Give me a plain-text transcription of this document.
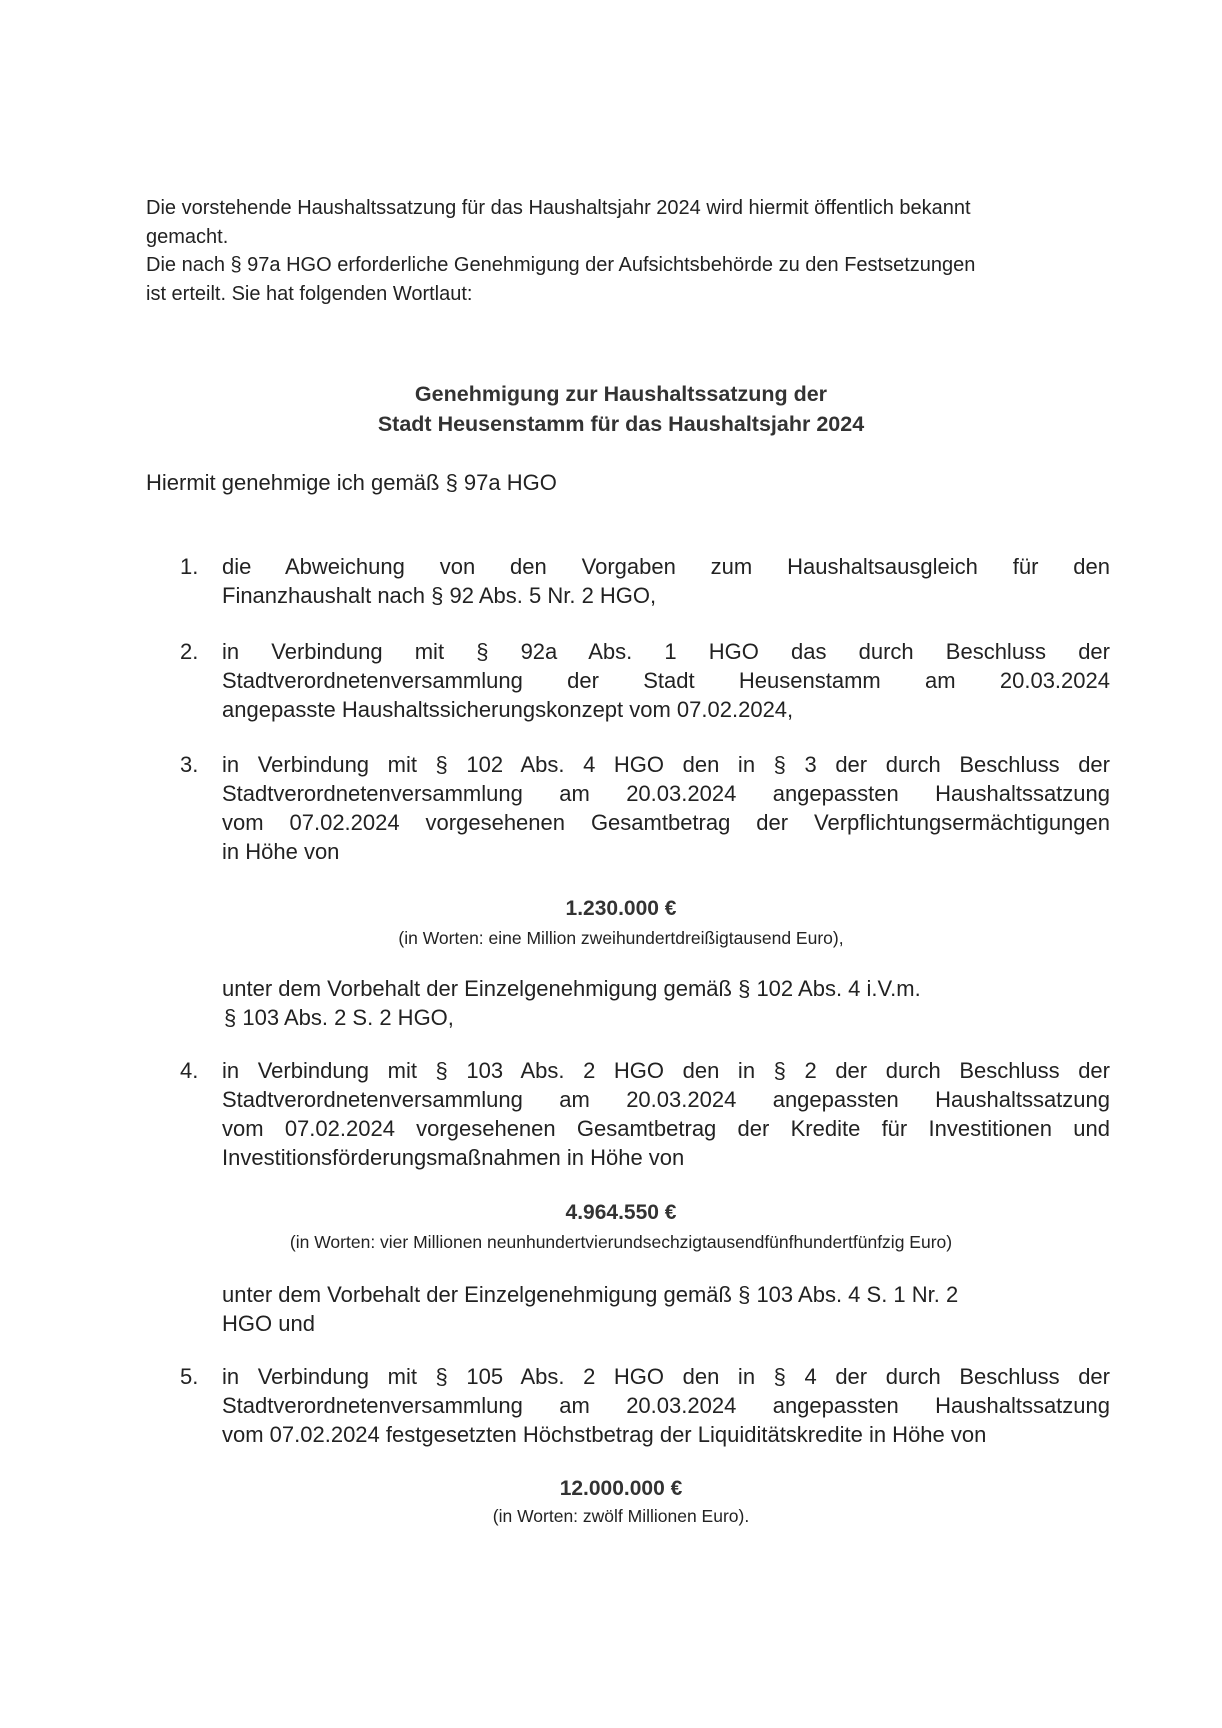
Die vorstehende Haushaltssatzung für das Haushaltsjahr 2024 wird hiermit öffentlich bekannt

gemacht.

Die nach § 97a HGO erforderliche Genehmigung der Aufsichtsbehörde zu den Festsetzungen

ist erteilt. Sie hat folgenden Wortlaut:

Genehmigung zur Haushaltssatzung der
Stadt Heusenstamm für das Haushaltsjahr 2024
Hiermit genehmige ich gemäß § 97a HGO
1.	die Abweichung von den Vorgaben zum Haushaltsausgleich für den
Finanzhaushalt nach § 92 Abs. 5 Nr. 2 HGO,
2.	in Verbindung mit § 92a Abs. 1 HGO das durch Beschluss der
Stadtverordnetenversammlung der Stadt Heusenstamm am 20.03.2024
angepasste Haushaltssicherungskonzept vom 07.02.2024,
3.	in Verbindung mit § 102 Abs. 4 HGO den in § 3 der durch Beschluss der
Stadtverordnetenversammlung am 20.03.2024 angepassten Haushaltssatzung
vom 07.02.2024 vorgesehenen Gesamtbetrag der Verpflichtungsermächtigungen
in Höhe von
1.230.000 €
(in Worten: eine Million zweihundertdreißigtausend Euro),
unter dem Vorbehalt der Einzelgenehmigung gemäß § 102 Abs. 4 i.V.m.
§ 103 Abs. 2 S. 2 HGO,
4.	in Verbindung mit § 103 Abs. 2 HGO den in § 2 der durch Beschluss der
Stadtverordnetenversammlung am 20.03.2024 angepassten Haushaltssatzung
vom 07.02.2024 vorgesehenen Gesamtbetrag der Kredite für Investitionen und
Investitionsförderungsmaßnahmen in Höhe von
4.964.550 €
(in Worten: vier Millionen neunhundertvierundsechzigtausendfünfhundertfünfzig Euro)
unter dem Vorbehalt der Einzelgenehmigung gemäß § 103 Abs. 4 S. 1 Nr. 2
HGO und
5.	in Verbindung mit § 105 Abs. 2 HGO den in § 4 der durch Beschluss der
Stadtverordnetenversammlung am 20.03.2024 angepassten Haushaltssatzung
vom 07.02.2024 festgesetzten Höchstbetrag der Liquiditätskredite in Höhe von
12.000.000 €
(in Worten: zwölf Millionen Euro).
